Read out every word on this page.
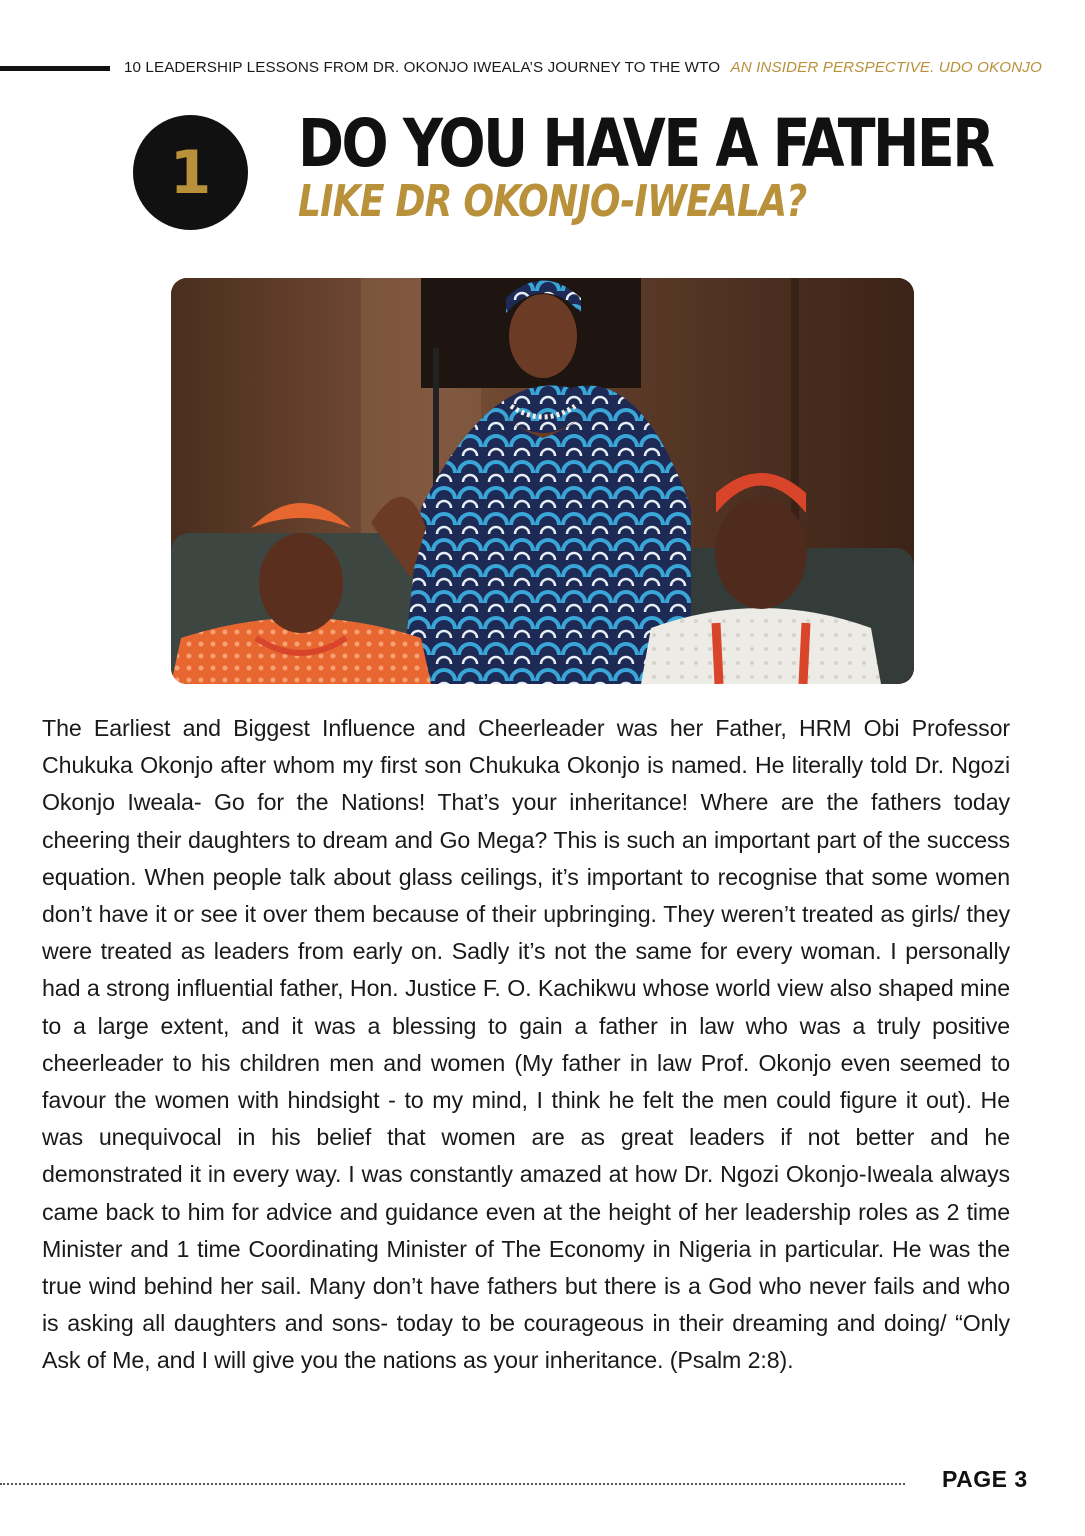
10 LEADERSHIP LESSONS FROM DR. OKONJO IWEALA’S JOURNEY TO THE WTO AN INSIDER PERSPECTIVE. UDO OKONJO
1	DO YOU HAVE A FATHER
LIKE DR OKONJO-IWEALA?

The Earliest and Biggest Influence and Cheerleader was her Father, HRM Obi Professor Chukuka Okonjo after whom my first son Chukuka Okonjo is named. He literally told Dr. Ngozi Okonjo Iweala- Go for the Nations! That’s your inheritance! Where are the fathers today cheering their daughters to dream and Go Mega? This is such an important part of the success equation. When people talk about glass ceilings, it’s important to recognise that some women don’t have it or see it over them because of their upbringing. They weren’t treated as girls/ they were treated as leaders from early on. Sadly it’s not the same for every woman. I personally had a strong influential father, Hon. Justice F. O. Kachikwu whose world view also shaped mine to a large extent, and it was a blessing to gain a father in law who was a truly positive cheerleader to his children men and women (My father in law Prof. Okonjo even seemed to favour the women with hindsight - to my mind, I think he felt the men could figure it out). He was unequivocal in his belief that women are as great leaders if not better and he demonstrated it in every way. I was constantly amazed at how Dr. Ngozi Okonjo-Iweala always came back to him for advice and guidance even at the height of her leadership roles as 2 time Minister and 1 time Coordinating Minister of The Economy in Nigeria in particular. He was the true wind behind her sail. Many don’t have fathers but there is a God who never fails and who is asking all daughters and sons- today to be courageous in their dreaming and doing/ “Only Ask of Me, and I will give you the nations as your inheritance. (Psalm 2:8).

PAGE 3
